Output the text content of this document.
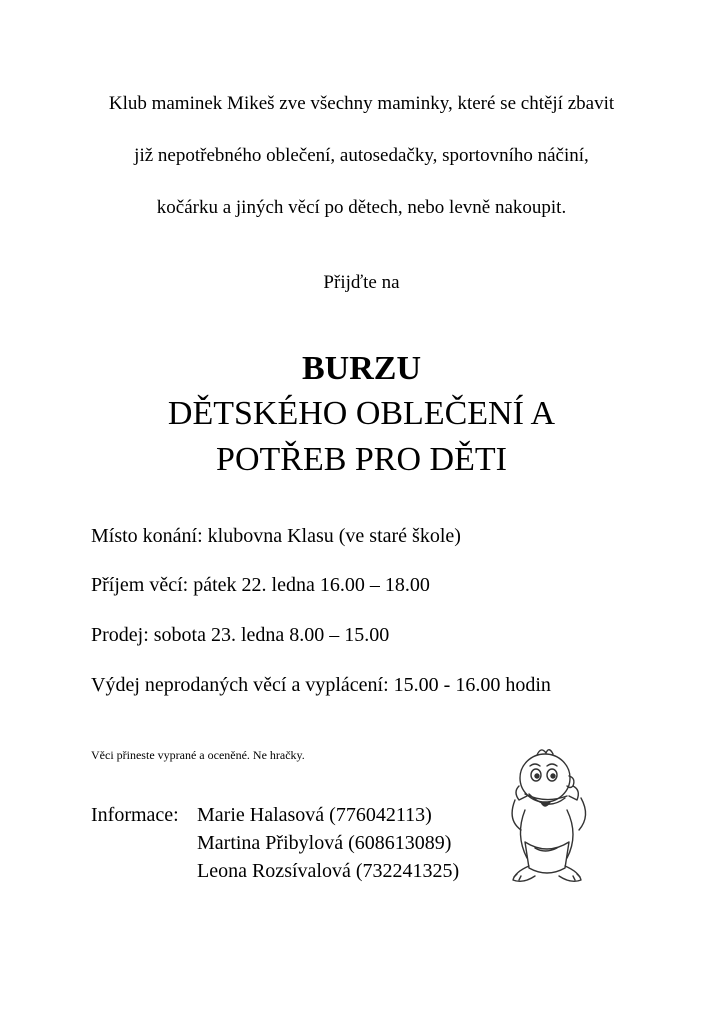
Klub maminek Mikeš zve všechny maminky, které se chtějí zbavit
již nepotřebného oblečení, autosedačky, sportovního náčiní,
kočárku a jiných věcí po dětech, nebo levně nakoupit.
Přijďte na
BURZU
DĚTSKÉHO OBLEČENÍ A
POTŘEB PRO DĚTI
Místo konání: klubovna Klasu (ve staré škole)
Příjem věcí: pátek 22. ledna 16.00 – 18.00
Prodej: sobota 23. ledna 8.00 – 15.00
Výdej neprodaných věcí a vyplácení: 15.00 - 16.00 hodin
Věci přineste vyprané a oceněné. Ne hračky.
Informace: Marie Halasová (776042113)
Martina Přibylová (608613089)
Leona Rozsívalová (732241325)
